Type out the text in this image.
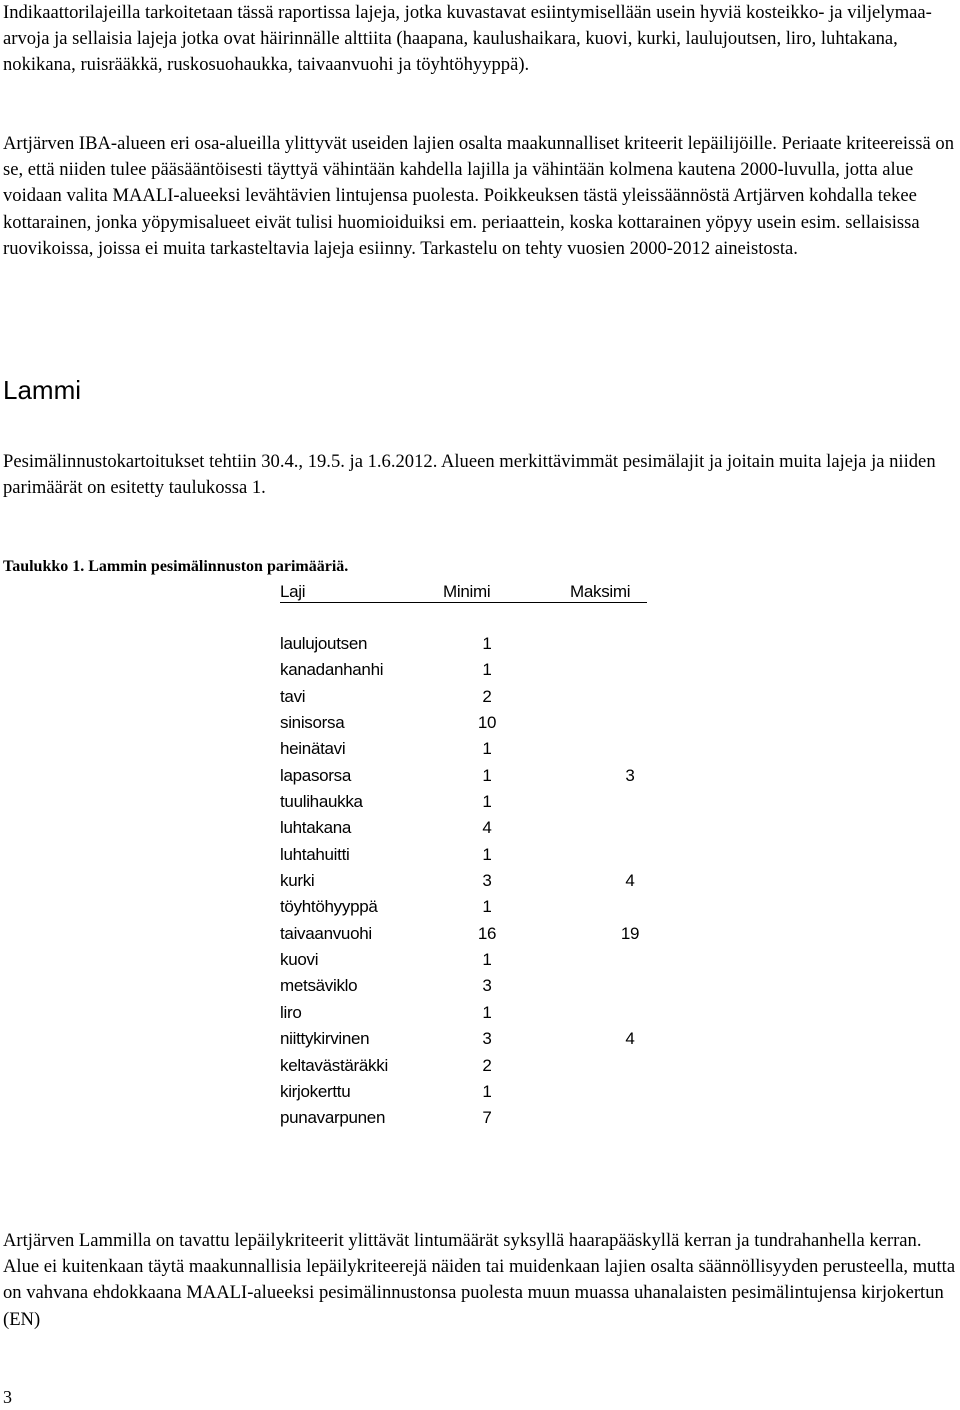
Indikaattorilajeilla tarkoitetaan tässä raportissa lajeja, jotka kuvastavat esiintymisellään usein hyviä kosteikko- ja viljelymaa-arvoja ja sellaisia lajeja jotka ovat häirinnälle alttiita (haapana, kaulushaikara, kuovi, kurki, laulujoutsen, liro, luhtakana, nokikana, ruisrääkkä, ruskosuohaukka, taivaanvuohi ja töyhtöhyyppä).

Artjärven IBA-alueen eri osa-alueilla ylittyvät useiden lajien osalta maakunnalliset kriteerit lepäilijöille. Periaate kriteereissä on se, että niiden tulee pääsääntöisesti täyttyä vähintään kahdella lajilla ja vähintään kolmena kautena 2000-luvulla, jotta alue voidaan valita MAALI-alueeksi levähtävien lintujensa puolesta. Poikkeuksen tästä yleissäännöstä Artjärven kohdalla tekee kottarainen, jonka yöpymisalueet eivät tulisi huomioiduiksi em. periaattein, koska kottarainen yöpyy usein esim. sellaisissa ruovikoissa, joissa ei muita tarkasteltavia lajeja esiinny. Tarkastelu on tehty vuosien 2000-2012 aineistosta.

Lammi

Pesimälinnustokartoitukset tehtiin 30.4., 19.5. ja 1.6.2012. Alueen merkittävimmät pesimälajit ja joitain muita lajeja ja niiden parimäärät on esitetty taulukossa 1.

Taulukko 1. Lammin pesimälinnuston parimääriä.

Laji	Minimi	Maksimi
laulujoutsen	1
kanadanhanhi	1
tavi	2
sinisorsa	10
heinätavi	1
lapasorsa	1	3
tuulihaukka	1
luhtakana	4
luhtahuitti	1
kurki	3	4
töyhtöhyyppä	1
taivaanvuohi	16	19
kuovi	1
metsäviklo	3
liro	1
niittykirvinen	3	4
keltavästäräkki	2
kirjokerttu	1
punavarpunen	7

Artjärven Lammilla on tavattu lepäilykriteerit ylittävät lintumäärät syksyllä haarapääskyllä kerran ja tundrahanhella kerran. Alue ei kuitenkaan täytä maakunnallisia lepäilykriteerejä näiden tai muidenkaan lajien osalta säännöllisyyden perusteella, mutta on vahvana ehdokkaana MAALI-alueeksi pesimälinnustonsa puolesta muun muassa uhanalaisten pesimälintujensa kirjokertun (EN)

3
